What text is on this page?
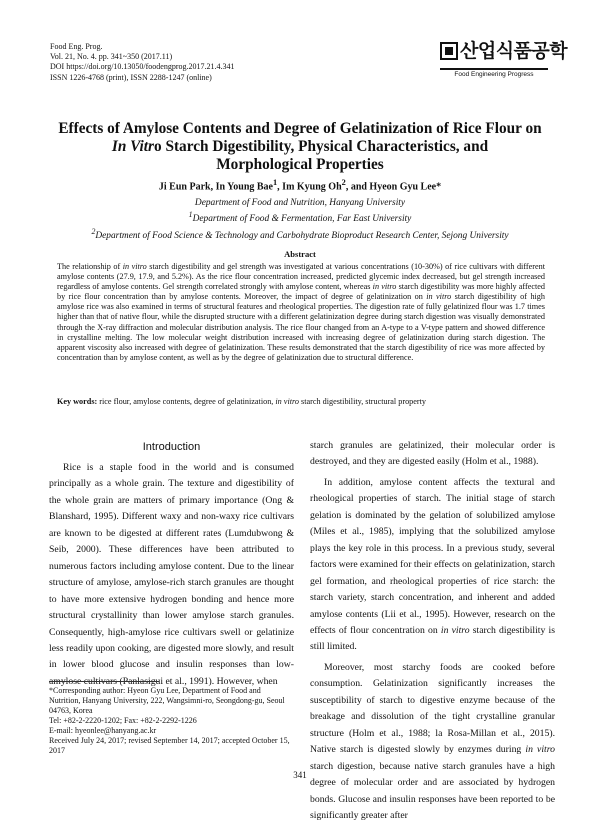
Food Eng. Prog.
Vol. 21, No. 4. pp. 341~350 (2017.11)
DOI https://doi.org/10.13050/foodengprog.2017.21.4.341
ISSN 1226-4768 (print), ISSN 2288-1247 (online)
산업식품공학
Food Engineering Progress
Effects of Amylose Contents and Degree of Gelatinization of Rice Flour on
In Vitro Starch Digestibility, Physical Characteristics, and
Morphological Properties
Ji Eun Park, In Young Bae$^1$, Im Kyung Oh$^2$, and Hyeon Gyu Lee*
Department of Food and Nutrition, Hanyang University
$^1$Department of Food & Fermentation, Far East University
$^2$Department of Food Science & Technology and Carbohydrate Bioproduct Research Center, Sejong University
Abstract
The relationship of in vitro starch digestibility and gel strength was investigated at various concentrations (10-30%) of rice cultivars with different amylose contents (27.9, 17.9, and 5.2%). As the rice flour concentration increased, predicted glycemic index decreased, but gel strength increased regardless of amylose contents. Gel strength correlated strongly with amylose content, whereas in vitro starch digestibility was more highly affected by rice flour concentration than by amylose contents. Moreover, the impact of degree of gelatinization on in vitro starch digestibility of high amylose rice was also examined in terms of structural features and rheological properties. The digestion rate of fully gelatinized flour was 1.7 times higher than that of native flour, while the disrupted structure with a different gelatinization degree during starch digestion was visually demonstrated through the X-ray diffraction and molecular distribution analysis. The rice flour changed from an A-type to a V-type pattern and showed difference in crystalline melting. The low molecular weight distribution increased with increasing degree of gelatinization during starch digestion. The apparent viscosity also increased with degree of gelatinization. These results demonstrated that the starch digestibility of rice was more affected by concentration than by amylose content, as well as by the degree of gelatinization due to structural difference.
Key words: rice flour, amylose contents, degree of gelatinization, in vitro starch digestibility, structural property
Introduction

Rice is a staple food in the world and is consumed principally as a whole grain. The texture and digestibility of the whole grain are matters of primary importance (Ong & Blanshard, 1995). Different waxy and non-waxy rice cultivars are known to be digested at different rates (Lumdubwong & Seib, 2000). These differences have been attributed to numerous factors including amylose content. Due to the linear structure of amylose, amylose-rich starch granules are thought to have more extensive hydrogen bonding and hence more structural crystallinity than lower amylose starch granules. Consequently, high-amylose rice cultivars swell or gelatinize less readily upon cooking, are digested more slowly, and result in lower blood glucose and insulin responses than low-amylose cultivars (Panlasigui et al., 1991). However, when

starch granules are gelatinized, their molecular order is destroyed, and they are digested easily (Holm et al., 1988).

In addition, amylose content affects the textural and rheological properties of starch. The initial stage of starch gelation is dominated by the gelation of solubilized amylose (Miles et al., 1985), implying that the solubilized amylose plays the key role in this process. In a previous study, several factors were examined for their effects on gelatinization, starch gel formation, and rheological properties of rice starch: the starch variety, starch concentration, and inherent and added amylose contents (Lii et al., 1995). However, research on the effects of flour concentration on in vitro starch digestibility is still limited.

Moreover, most starchy foods are cooked before consumption. Gelatinization significantly increases the susceptibility of starch to digestive enzyme because of the breakage and dissolution of the tight crystalline granular structure (Holm et al., 1988; la Rosa-Millan et al., 2015). Native starch is digested slowly by enzymes during in vitro starch digestion, because native starch granules have a high degree of molecular order and are associated by hydrogen bonds. Glucose and insulin responses have been reported to be significantly greater after

*Corresponding author: Hyeon Gyu Lee, Department of Food and Nutrition, Hanyang University, 222, Wangsimni-ro, Seongdong-gu, Seoul 04763, Korea
Tel: +82-2-2220-1202; Fax: +82-2-2292-1226
E-mail: hyeonlee@hanyang.ac.kr
Received July 24, 2017; revised September 14, 2017; accepted October 15, 2017
341
